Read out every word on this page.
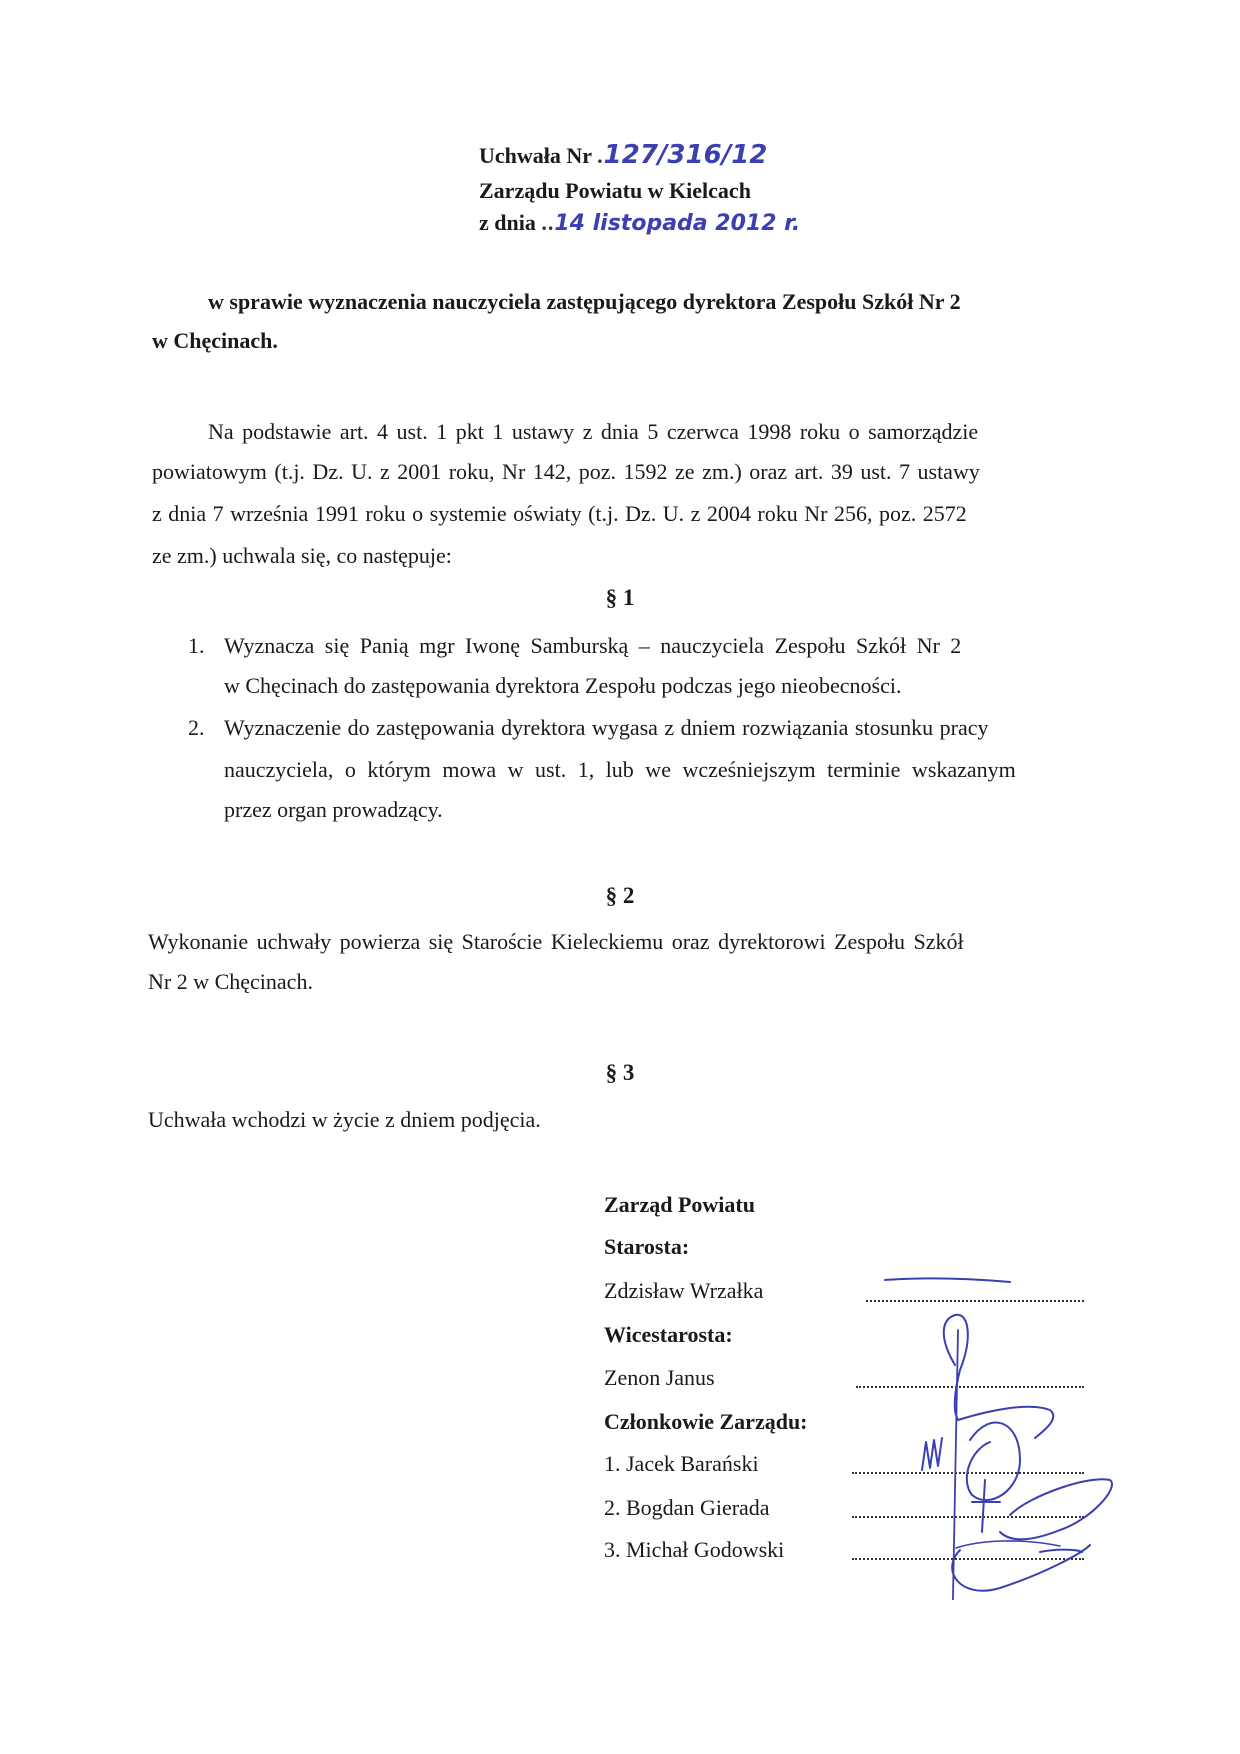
Uchwała Nr .127/316/12
Zarządu Powiatu w Kielcach
z dnia ..14 listopada 2012 r.
w sprawie wyznaczenia nauczyciela zastępującego dyrektora Zespołu Szkół Nr 2
w Chęcinach.
Na podstawie art. 4 ust. 1 pkt 1 ustawy z dnia 5 czerwca 1998 roku o samorządzie
powiatowym (t.j. Dz. U. z 2001 roku, Nr 142, poz. 1592 ze zm.) oraz art. 39 ust. 7 ustawy
z dnia 7 września 1991 roku o systemie oświaty (t.j. Dz. U. z 2004 roku Nr 256, poz. 2572
ze zm.) uchwala się, co następuje:
§ 1
1. Wyznacza się Panią mgr Iwonę Samburską – nauczyciela Zespołu Szkół Nr 2
w Chęcinach do zastępowania dyrektora Zespołu podczas jego nieobecności.
2. Wyznaczenie do zastępowania dyrektora wygasa z dniem rozwiązania stosunku pracy
nauczyciela, o którym mowa w ust. 1, lub we wcześniejszym terminie wskazanym
przez organ prowadzący.
§ 2
Wykonanie uchwały powierza się Staroście Kieleckiemu oraz dyrektorowi Zespołu Szkół
Nr 2 w Chęcinach.
§ 3
Uchwała wchodzi w życie z dniem podjęcia.
Zarząd Powiatu
Starosta:
Zdzisław Wrzałka
Wicestarosta:
Zenon Janus
Członkowie Zarządu:
1. Jacek Barański
2. Bogdan Gierada
3. Michał Godowski
